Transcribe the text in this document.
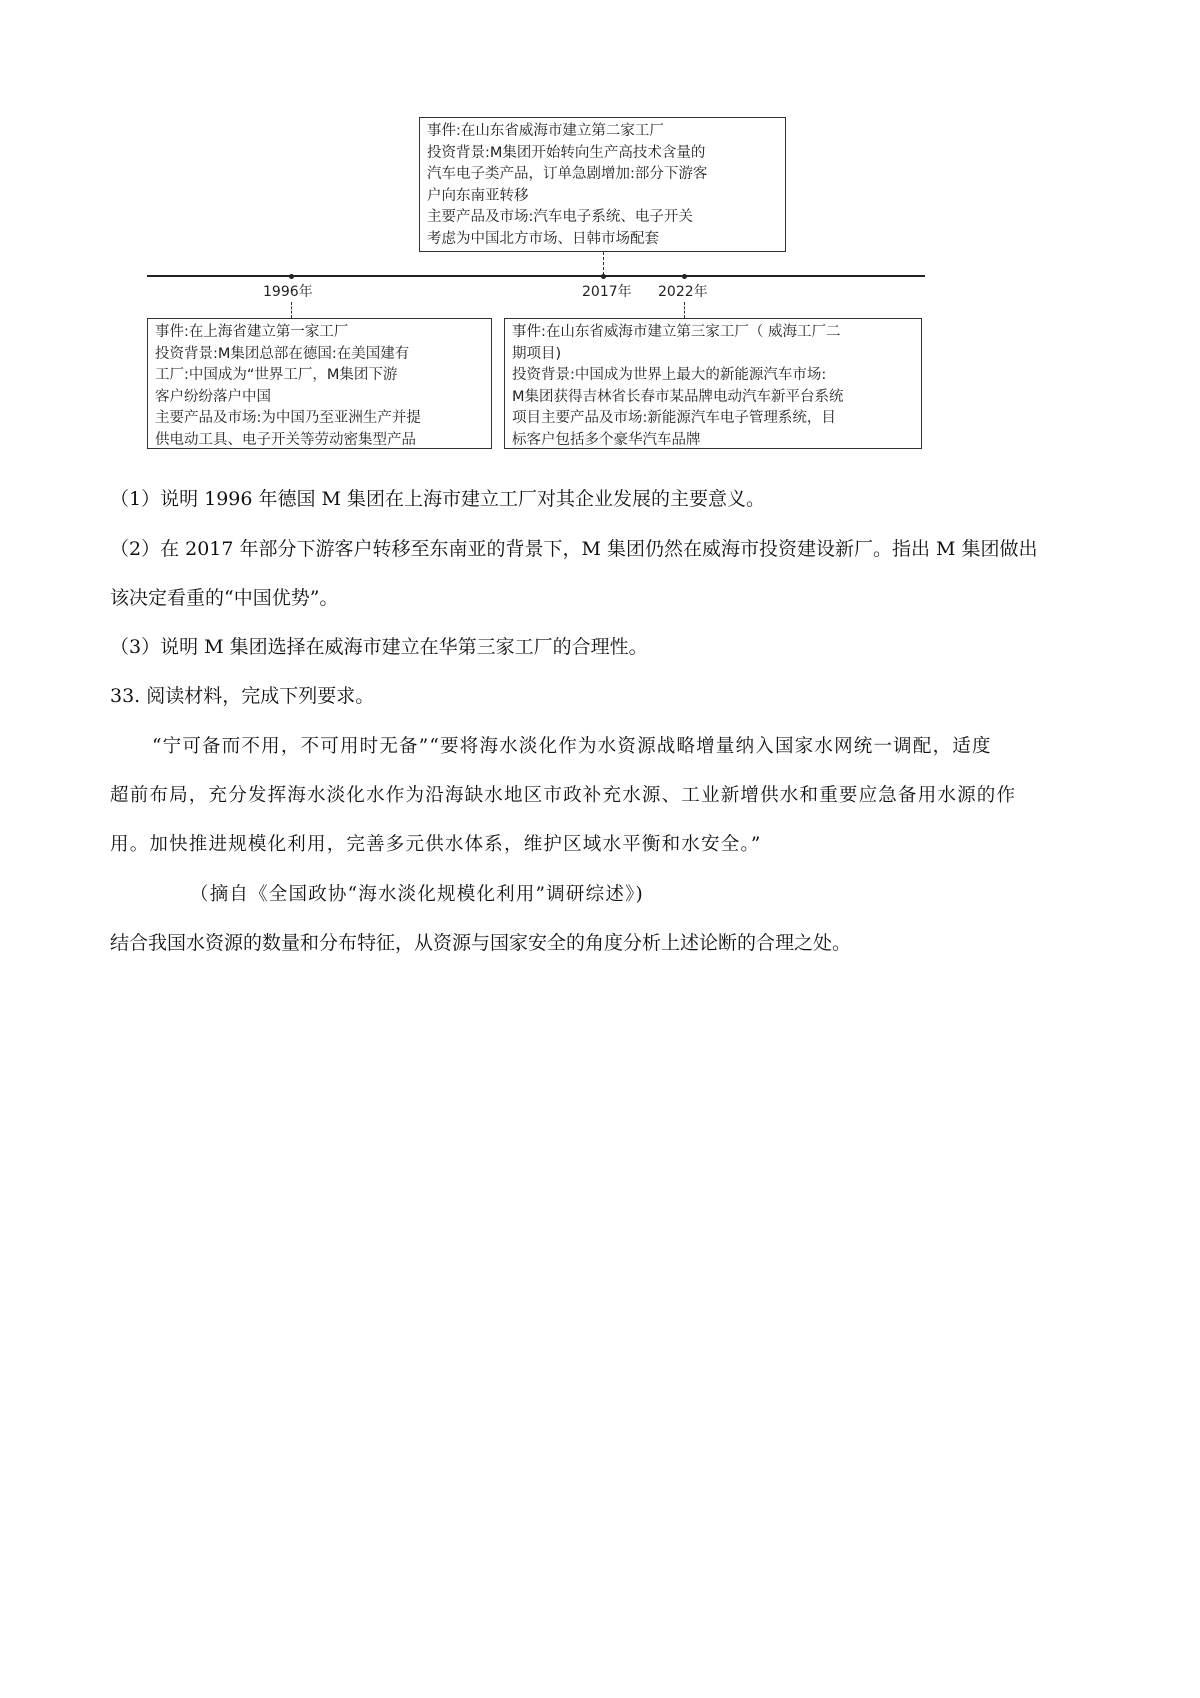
事件:在山东省威海市建立第二家工厂
投资背景:M集团开始转向生产高技术含量的
汽车电子类产品，订单急剧增加:部分下游客
户向东南亚转移
主要产品及市场:汽车电子系统、电子开关
考虑为中国北方市场、日韩市场配套
1996年	2017年 2022年
事件:在上海省建立第一家工厂
投资背景:M集团总部在德国:在美国建有
工厂:中国成为“世界工厂，M集团下游
客户纷纷落户中国
主要产品及市场:为中国乃至亚洲生产并提
供电动工具、电子开关等劳动密集型产品
事件:在山东省威海市建立第三家工厂（ 威海工厂二
期项目)
投资背景:中国成为世界上最大的新能源汽车市场:
M集团获得吉林省长春市某品牌电动汽车新平台系统
项目主要产品及市场:新能源汽车电子管理系统，目
标客户包括多个豪华汽车品牌
（1）说明 1996 年德国 M 集团在上海市建立工厂对其企业发展的主要意义。
（2）在 2017 年部分下游客户转移至东南亚的背景下，M 集团仍然在威海市投资建设新厂。指出 M 集团做出
该决定看重的“中国优势”。
（3）说明 M 集团选择在威海市建立在华第三家工厂的合理性。
33. 阅读材料，完成下列要求。
“宁可备而不用，不可用时无备”“要将海水淡化作为水资源战略增量纳入国家水网统一调配，适度
超前布局，充分发挥海水淡化水作为沿海缺水地区市政补充水源、工业新增供水和重要应急备用水源的作
用。加快推进规模化利用，完善多元供水体系，维护区域水平衡和水安全。”
（摘自《全国政协“海水淡化规模化利用”调研综述》)
结合我国水资源的数量和分布特征，从资源与国家安全的角度分析上述论断的合理之处。
